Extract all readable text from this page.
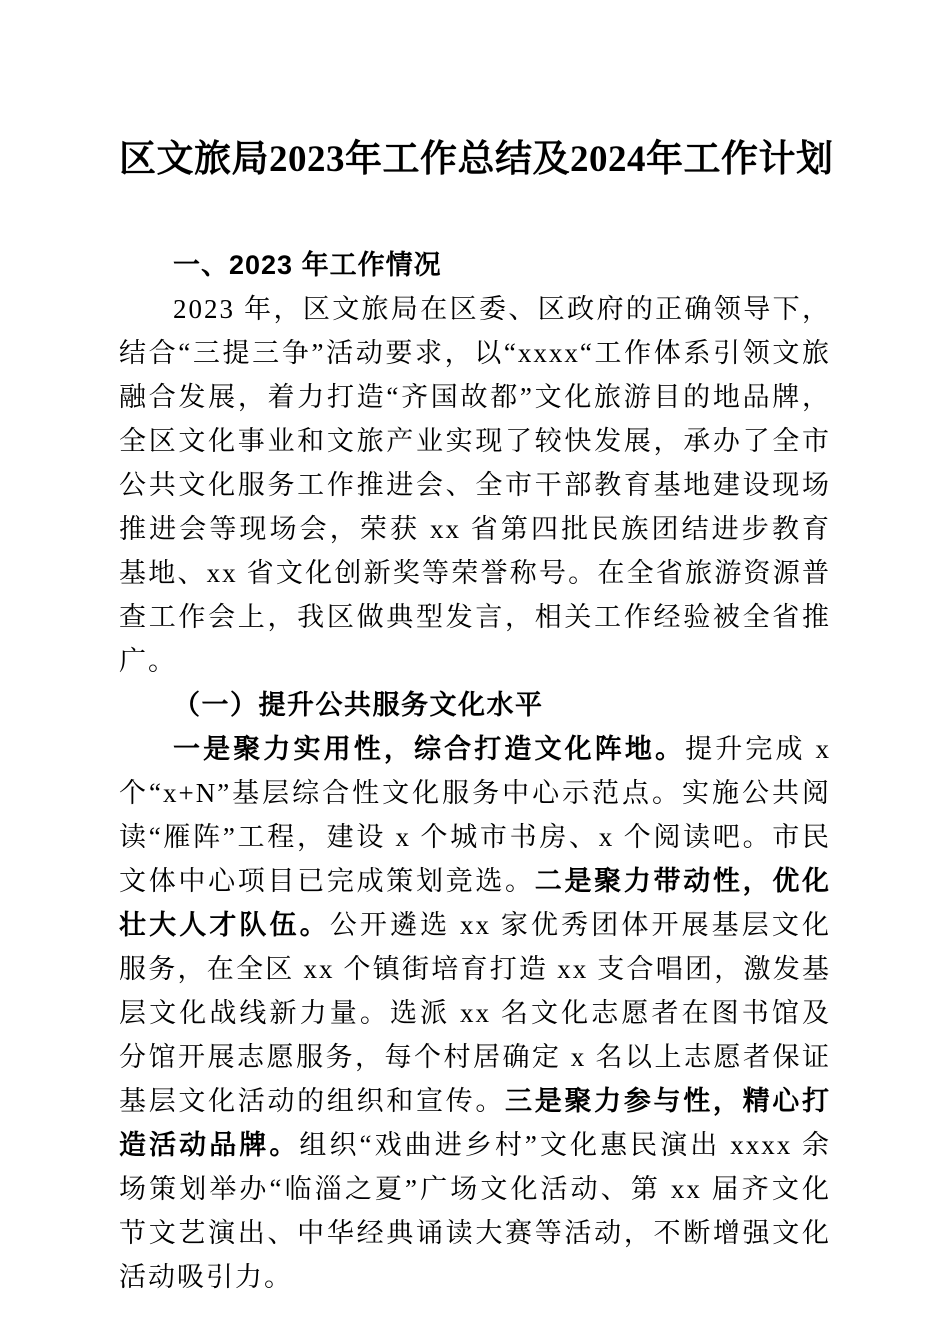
区文旅局2023年工作总结及2024年工作计划
一、2023 年工作情况

2023 年，区文旅局在区委、区政府的正确领导下，结合“三提三争”活动要求，以“xxxx“工作体系引领文旅融合发展，着力打造“齐国故都”文化旅游目的地品牌，全区文化事业和文旅产业实现了较快发展，承办了全市公共文化服务工作推进会、全市干部教育基地建设现场推进会等现场会，荣获 xx 省第四批民族团结进步教育基地、xx 省文化创新奖等荣誉称号。在全省旅游资源普查工作会上，我区做典型发言，相关工作经验被全省推广。

（一）提升公共服务文化水平

一是聚力实用性，综合打造文化阵地。提升完成 x 个“x+N”基层综合性文化服务中心示范点。实施公共阅读“雁阵”工程，建设 x 个城市书房、x 个阅读吧。市民文体中心项目已完成策划竞选。二是聚力带动性，优化壮大人才队伍。公开遴选 xx 家优秀团体开展基层文化服务，在全区 xx 个镇街培育打造 xx 支合唱团，激发基层文化战线新力量。选派 xx 名文化志愿者在图书馆及分馆开展志愿服务，每个村居确定 x 名以上志愿者保证基层文化活动的组织和宣传。三是聚力参与性，精心打造活动品牌。组织“戏曲进乡村”文化惠民演出 xxxx 余场策划举办“临淄之夏”广场文化活动、第 xx 届齐文化节文艺演出、中华经典诵读大赛等活动，不断增强文化活动吸引力。
